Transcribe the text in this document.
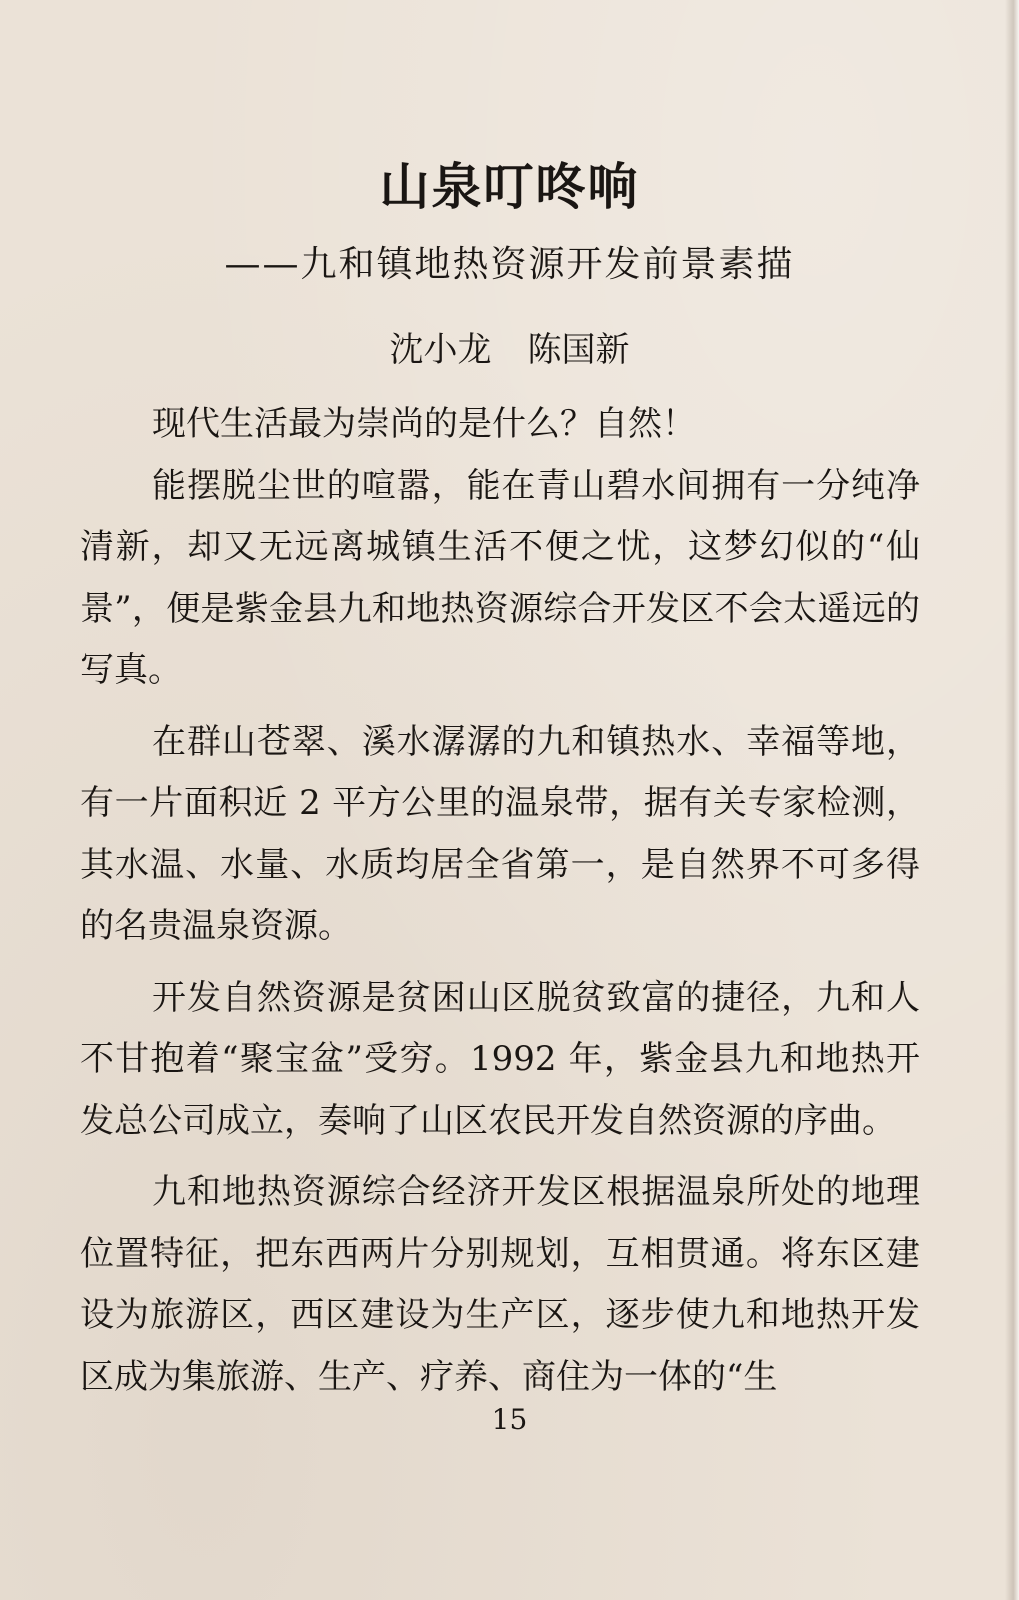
山泉叮咚响
——九和镇地热资源开发前景素描
沈小龙 陈国新

现代生活最为崇尚的是什么？自然！

能摆脱尘世的喧嚣，能在青山碧水间拥有一分纯净清新，却又无远离城镇生活不便之忧，这梦幻似的“仙景”，便是紫金县九和地热资源综合开发区不会太遥远的写真。

在群山苍翠、溪水潺潺的九和镇热水、幸福等地，有一片面积近 2 平方公里的温泉带，据有关专家检测，其水温、水量、水质均居全省第一，是自然界不可多得的名贵温泉资源。

开发自然资源是贫困山区脱贫致富的捷径，九和人不甘抱着“聚宝盆”受穷。1992 年，紫金县九和地热开发总公司成立，奏响了山区农民开发自然资源的序曲。

九和地热资源综合经济开发区根据温泉所处的地理位置特征，把东西两片分别规划，互相贯通。将东区建设为旅游区，西区建设为生产区，逐步使九和地热开发区成为集旅游、生产、疗养、商住为一体的“生

15
